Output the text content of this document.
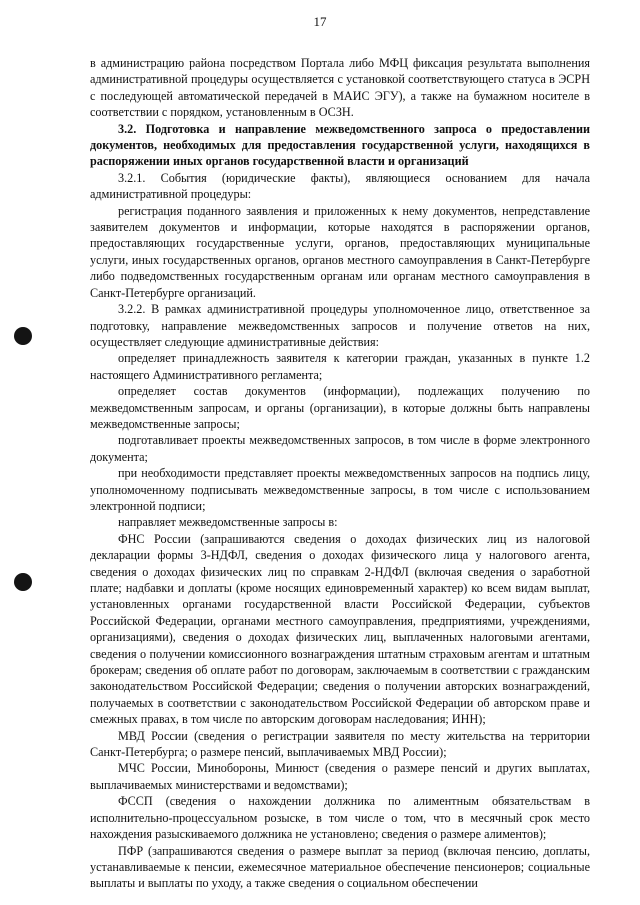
17

в администрацию района посредством Портала либо МФЦ фиксация результата выполнения административной процедуры осуществляется с установкой соответствующего статуса в ЭСРН с последующей автоматической передачей в МАИС ЭГУ), а также на бумажном носителе в соответствии с порядком, установленным в ОСЗН.

3.2. Подготовка и направление межведомственного запроса о предоставлении документов, необходимых для предоставления государственной услуги, находящихся в распоряжении иных органов государственной власти и организаций

3.2.1. События (юридические факты), являющиеся основанием для начала административной процедуры:

регистрация поданного заявления и приложенных к нему документов, непредставление заявителем документов и информации, которые находятся в распоряжении органов, предоставляющих государственные услуги, органов, предоставляющих муниципальные услуги, иных государственных органов, органов местного самоуправления в Санкт-Петербурге либо подведомственных государственным органам или органам местного самоуправления в Санкт-Петербурге организаций.

3.2.2. В рамках административной процедуры уполномоченное лицо, ответственное за подготовку, направление межведомственных запросов и получение ответов на них, осуществляет следующие административные действия:

определяет принадлежность заявителя к категории граждан, указанных в пункте 1.2 настоящего Административного регламента;

определяет состав документов (информации), подлежащих получению по межведомственным запросам, и органы (организации), в которые должны быть направлены межведомственные запросы;

подготавливает проекты межведомственных запросов, в том числе в форме электронного документа;

при необходимости представляет проекты межведомственных запросов на подпись лицу, уполномоченному подписывать межведомственные запросы, в том числе с использованием электронной подписи;

направляет межведомственные запросы в:

ФНС России (запрашиваются сведения о доходах физических лиц из налоговой декларации формы 3-НДФЛ, сведения о доходах физического лица у налогового агента, сведения о доходах физических лиц по справкам 2-НДФЛ (включая сведения о заработной плате; надбавки и доплаты (кроме носящих единовременный характер) ко всем видам выплат, установленных органами государственной власти Российской Федерации, субъектов Российской Федерации, органами местного самоуправления, предприятиями, учреждениями, организациями), сведения о доходах физических лиц, выплаченных налоговыми агентами, сведения о получении комиссионного вознаграждения штатным страховым агентам и штатным брокерам; сведения об оплате работ по договорам, заключаемым в соответствии с гражданским законодательством Российской Федерации; сведения о получении авторских вознаграждений, получаемых в соответствии с законодательством Российской Федерации об авторском праве и смежных правах, в том числе по авторским договорам наследования; ИНН);

МВД России (сведения о регистрации заявителя по месту жительства на территории Санкт-Петербурга; о размере пенсий, выплачиваемых МВД России);

МЧС России, Минобороны, Минюст (сведения о размере пенсий и других выплатах, выплачиваемых министерствами и ведомствами);

ФССП (сведения о нахождении должника по алиментным обязательствам в исполнительно-процессуальном розыске, в том числе о том, что в месячный срок место нахождения разыскиваемого должника не установлено; сведения о размере алиментов);

ПФР (запрашиваются сведения о размере выплат за период (включая пенсию, доплаты, устанавливаемые к пенсии, ежемесячное материальное обеспечение пенсионеров; социальные выплаты и выплаты по уходу, а также сведения о социальном обеспечении
